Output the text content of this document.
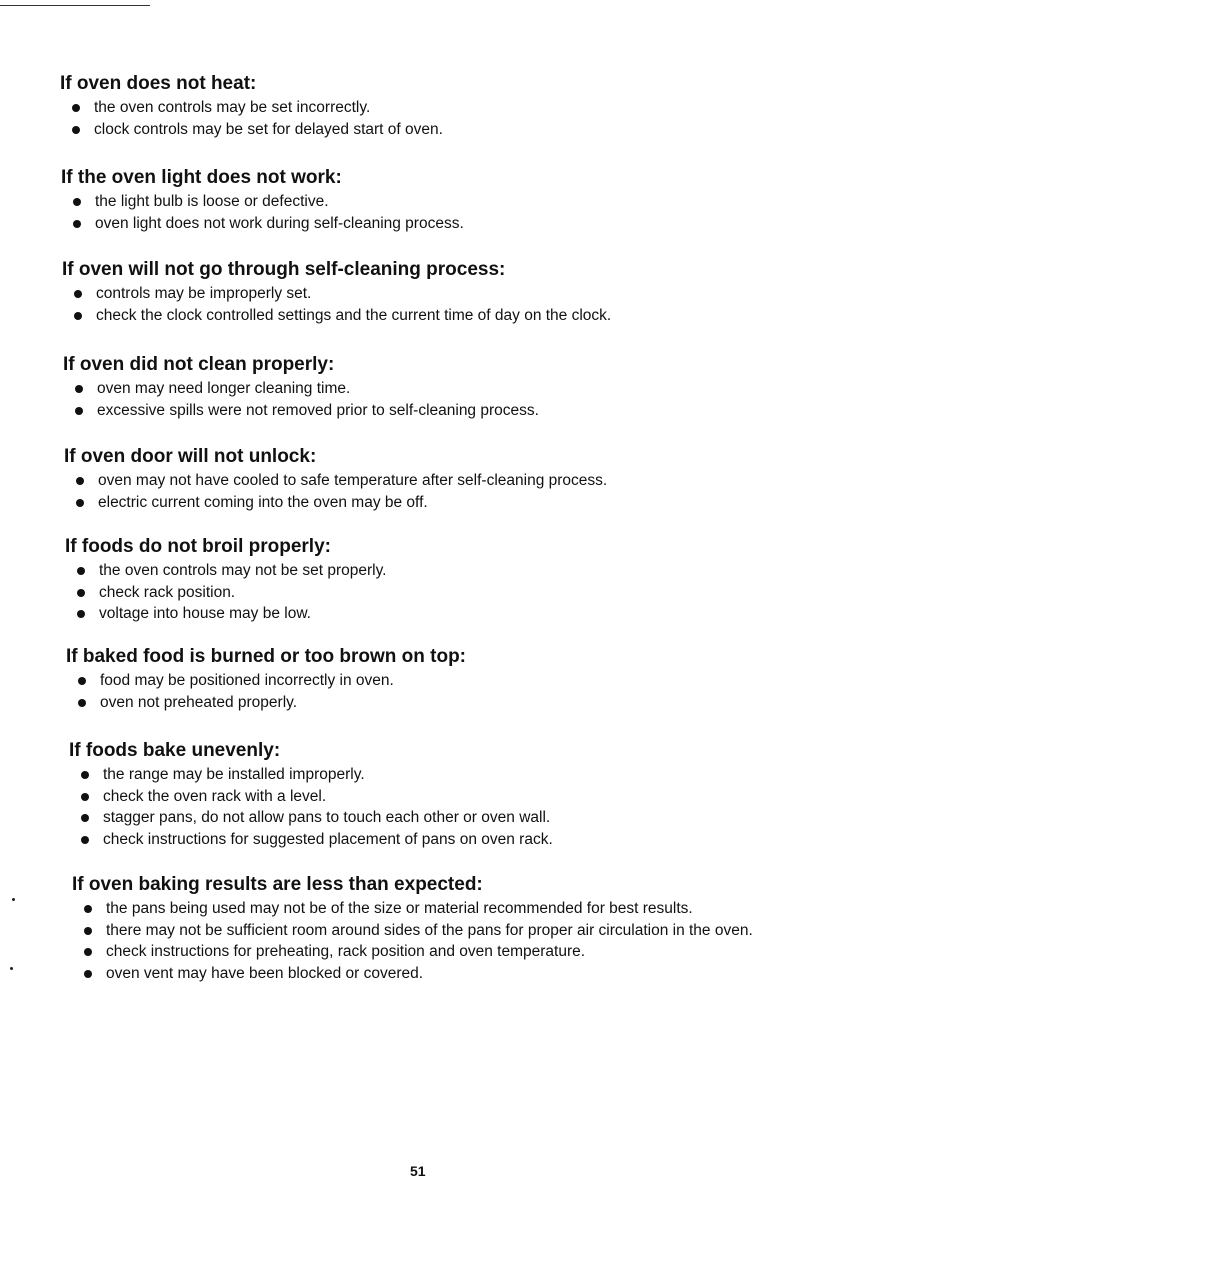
If oven does not heat:
the oven controls may be set incorrectly.
clock controls may be set for delayed start of oven.
If the oven light does not work:
the light bulb is loose or defective.
oven light does not work during self-cleaning process.
If oven will not go through self-cleaning process:
controls may be improperly set.
check the clock controlled settings and the current time of day on the clock.
If oven did not clean properly:
oven may need longer cleaning time.
excessive spills were not removed prior to self-cleaning process.
If oven door will not unlock:
oven may not have cooled to safe temperature after self-cleaning process.
electric current coming into the oven may be off.
If foods do not broil properly:
the oven controls may not be set properly.
check rack position.
voltage into house may be low.
If baked food is burned or too brown on top:
food may be positioned incorrectly in oven.
oven not preheated properly.
If foods bake unevenly:
the range may be installed improperly.
check the oven rack with a level.
stagger pans, do not allow pans to touch each other or oven wall.
check instructions for suggested placement of pans on oven rack.
If oven baking results are less than expected:
the pans being used may not be of the size or material recommended for best results.
there may not be sufficient room around sides of the pans for proper air circulation in the oven.
check instructions for preheating, rack position and oven temperature.
oven vent may have been blocked or covered.
51
